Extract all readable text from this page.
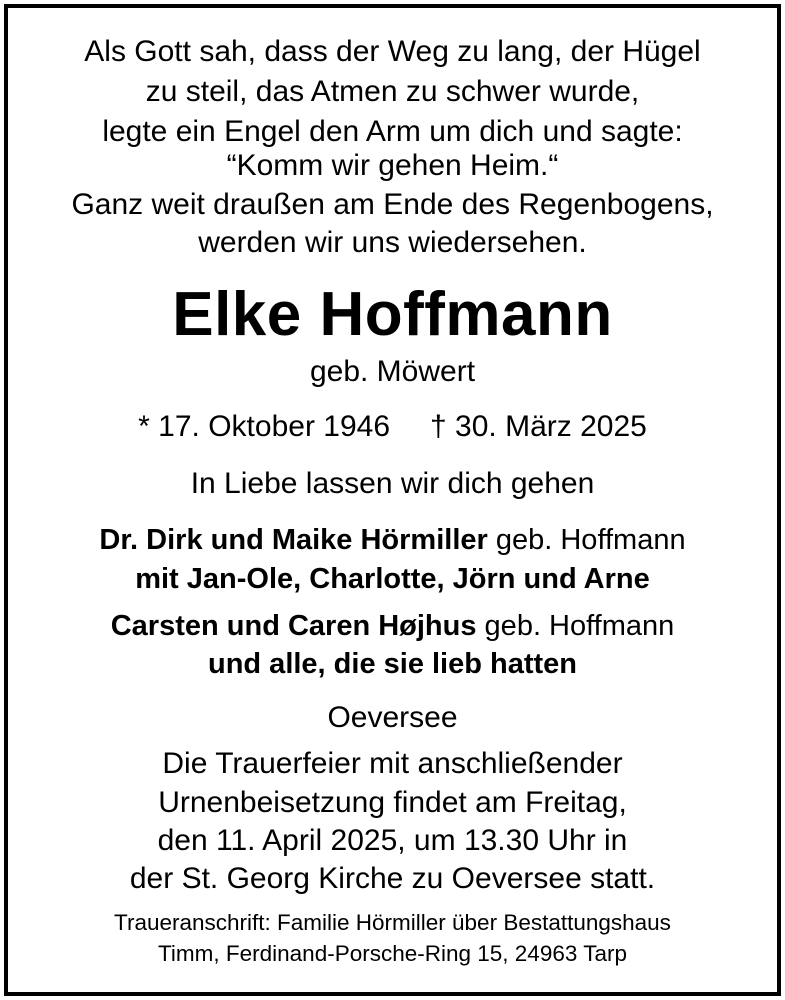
Als Gott sah, dass der Weg zu lang, der Hügel
zu steil, das Atmen zu schwer wurde,
legte ein Engel den Arm um dich und sagte:
“Komm wir gehen Heim.“
Ganz weit draußen am Ende des Regenbogens,
werden wir uns wiedersehen.
Elke Hoffmann
geb. Möwert
* 17. Oktober 1946 † 30. März 2025
In Liebe lassen wir dich gehen
Dr. Dirk und Maike Hörmiller geb. Hoffmann
mit Jan-Ole, Charlotte, Jörn und Arne
Carsten und Caren Højhus geb. Hoffmann
und alle, die sie lieb hatten
Oeversee
Die Trauerfeier mit anschließender
Urnenbeisetzung findet am Freitag,
den 11. April 2025, um 13.30 Uhr in
der St. Georg Kirche zu Oeversee statt.
Traueranschrift: Familie Hörmiller über Bestattungshaus
Timm, Ferdinand-Porsche-Ring 15, 24963 Tarp
